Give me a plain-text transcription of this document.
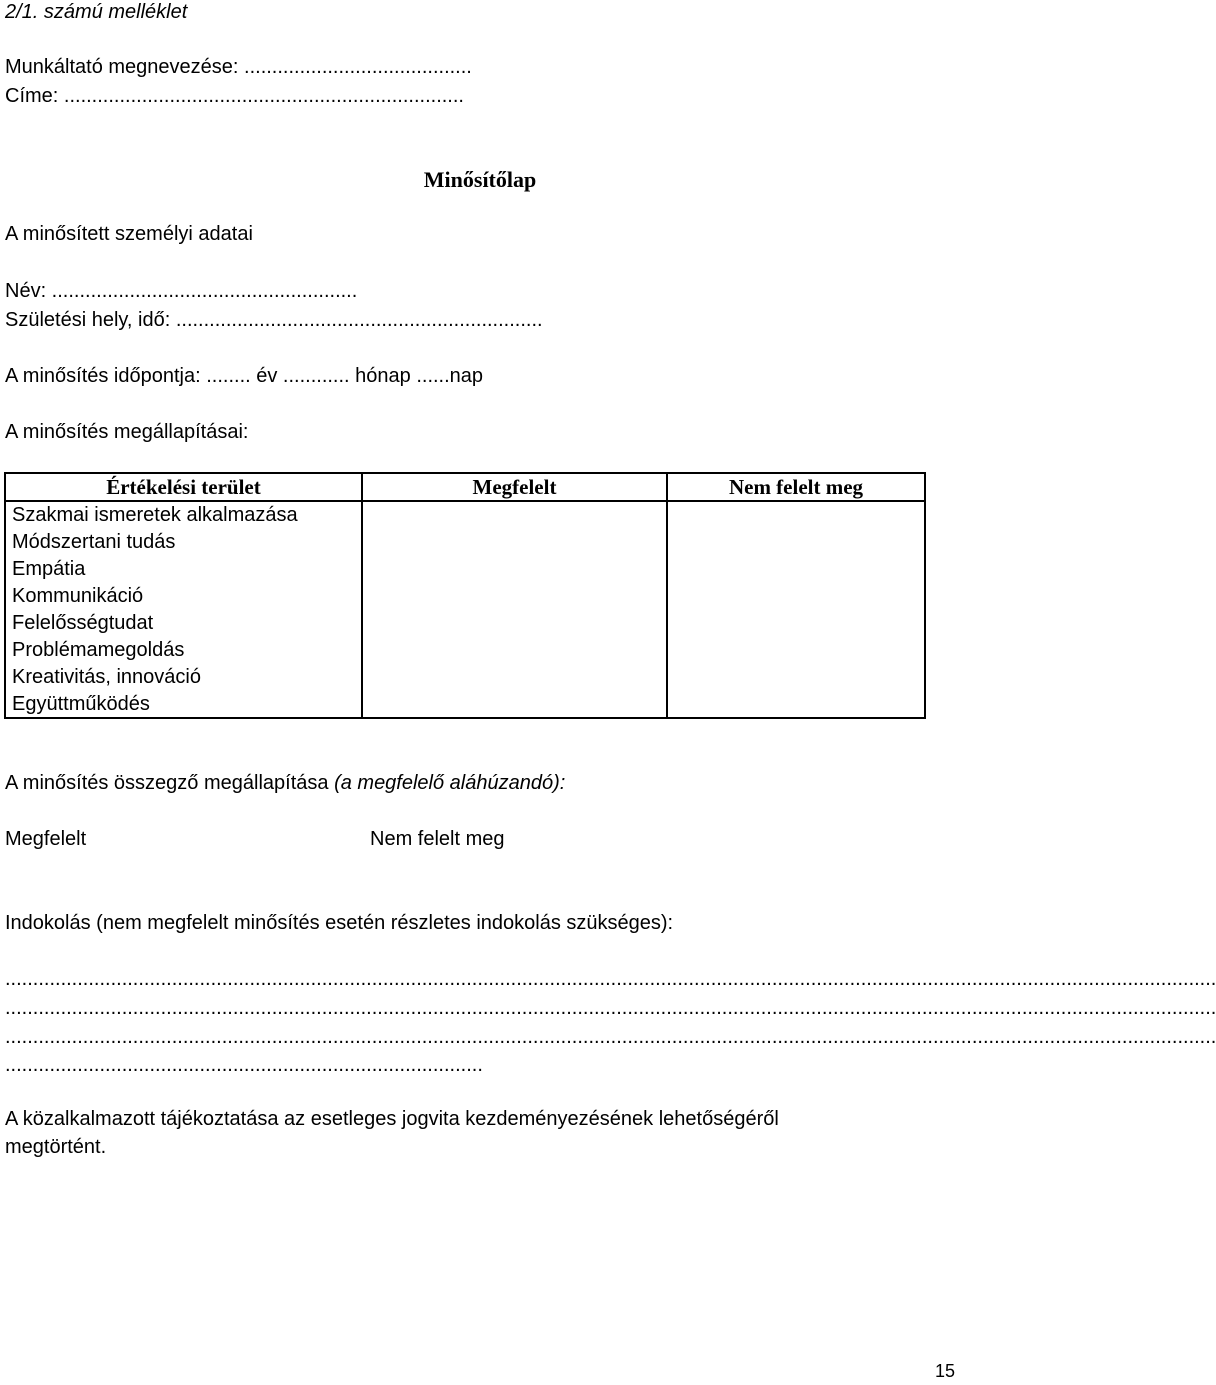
2/1. számú melléklet
Munkáltató megnevezése: .........................................
Címe: ........................................................................
Minősítőlap
A minősített személyi adatai
Név: .......................................................
Születési hely, idő: ..................................................................
A minősítés időpontja: ........ év ............ hónap ......nap
A minősítés megállapításai:
Értékelési terület	Megfelelt	Nem felelt meg
Szakmai ismeretek alkalmazása		
Módszertani tudás		
Empátia		
Kommunikáció		
Felelősségtudat		
Problémamegoldás		
Kreativitás, innováció		
Együttműködés		
A minősítés összegző megállapítása (a megfelelő aláhúzandó):
Megfelelt	Nem felelt meg
Indokolás (nem megfelelt minősítés esetén részletes indokolás szükséges):
..........................................................................................................................................................................................................................
..........................................................................................................................................................................................................................
..........................................................................................................................................................................................................................
......................................................................................
A közalkalmazott tájékoztatása az esetleges jogvita kezdeményezésének lehetőségéről
megtörtént.
15
